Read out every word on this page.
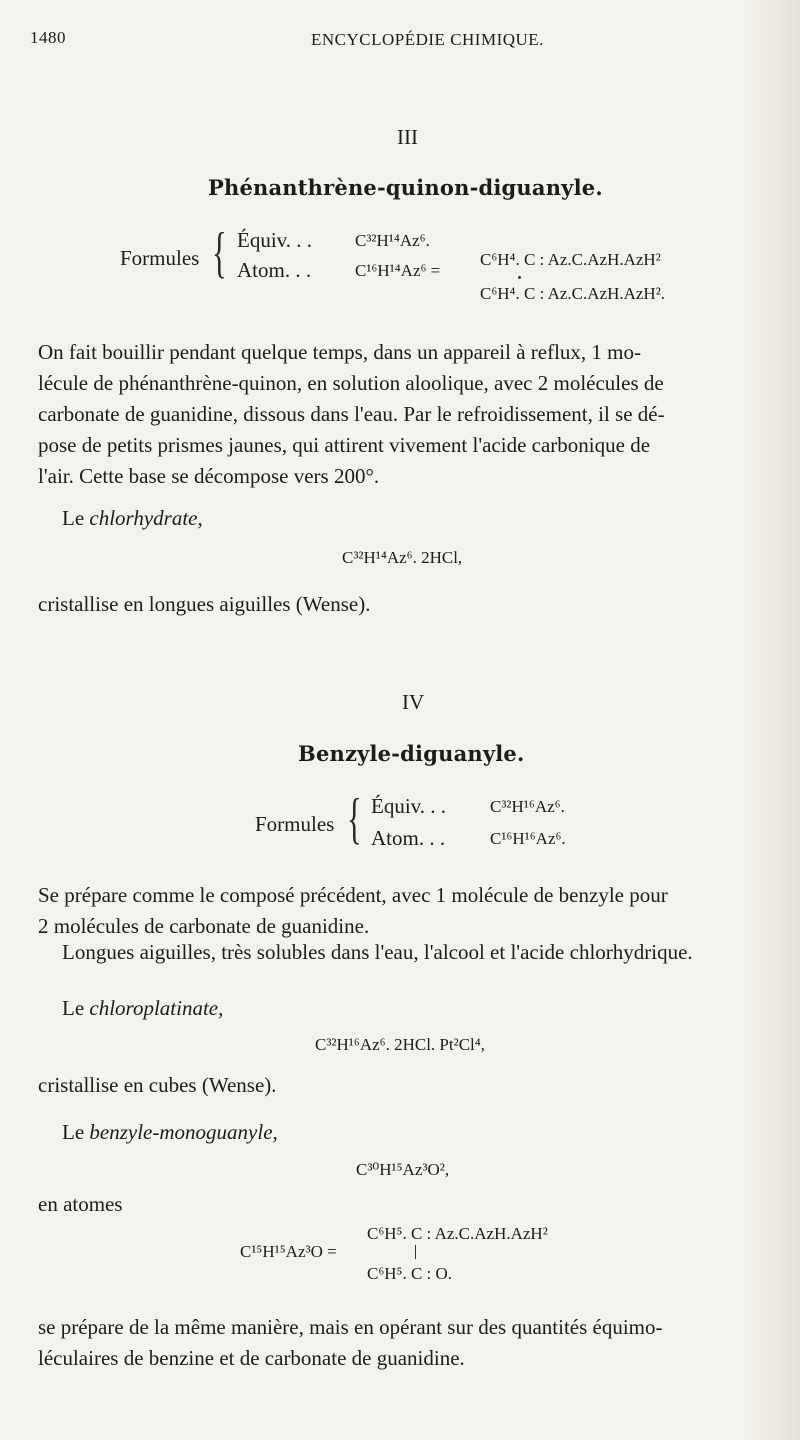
1480	ENCYCLOPÉDIE CHIMIQUE.
III
Phénanthrène-quinon-diguanyle.
Formules { Équiv. . .	C³²H¹⁴Az⁶.
Atom. . .	C¹⁶H¹⁴Az⁶ =
C⁶H⁴. C : Az.C.AzH.AzH²
C⁶H⁴. C : Az.C.AzH.AzH².
On fait bouillir pendant quelque temps, dans un appareil à reflux, 1 mo-
lécule de phénanthrène-quinon, en solution aloolique, avec 2 molécules de
carbonate de guanidine, dissous dans l'eau. Par le refroidissement, il se dé-
pose de petits prismes jaunes, qui attirent vivement l'acide carbonique de
l'air. Cette base se décompose vers 200°.
Le chlorhydrate,
C³²H¹⁴Az⁶. 2HCl,
cristallise en longues aiguilles (Wense).
IV
Benzyle-diguanyle.
Formules { Équiv. . .	C³²H¹⁶Az⁶.
Atom. . .	C¹⁶H¹⁶Az⁶.
Se prépare comme le composé précédent, avec 1 molécule de benzyle pour
2 molécules de carbonate de guanidine.
Longues aiguilles, très solubles dans l'eau, l'alcool et l'acide chlorhydrique.
Le chloroplatinate,
C³²H¹⁶Az⁶. 2HCl. Pt²Cl⁴,
cristallise en cubes (Wense).
Le benzyle-monoguanyle,
C³⁰H¹⁵Az³O²,
en atomes
C¹⁵H¹⁵Az³O =
C⁶H⁵. C : Az.C.AzH.AzH²
C⁶H⁵. C : O.
se prépare de la même manière, mais en opérant sur des quantités équimo-
léculaires de benzine et de carbonate de guanidine.
